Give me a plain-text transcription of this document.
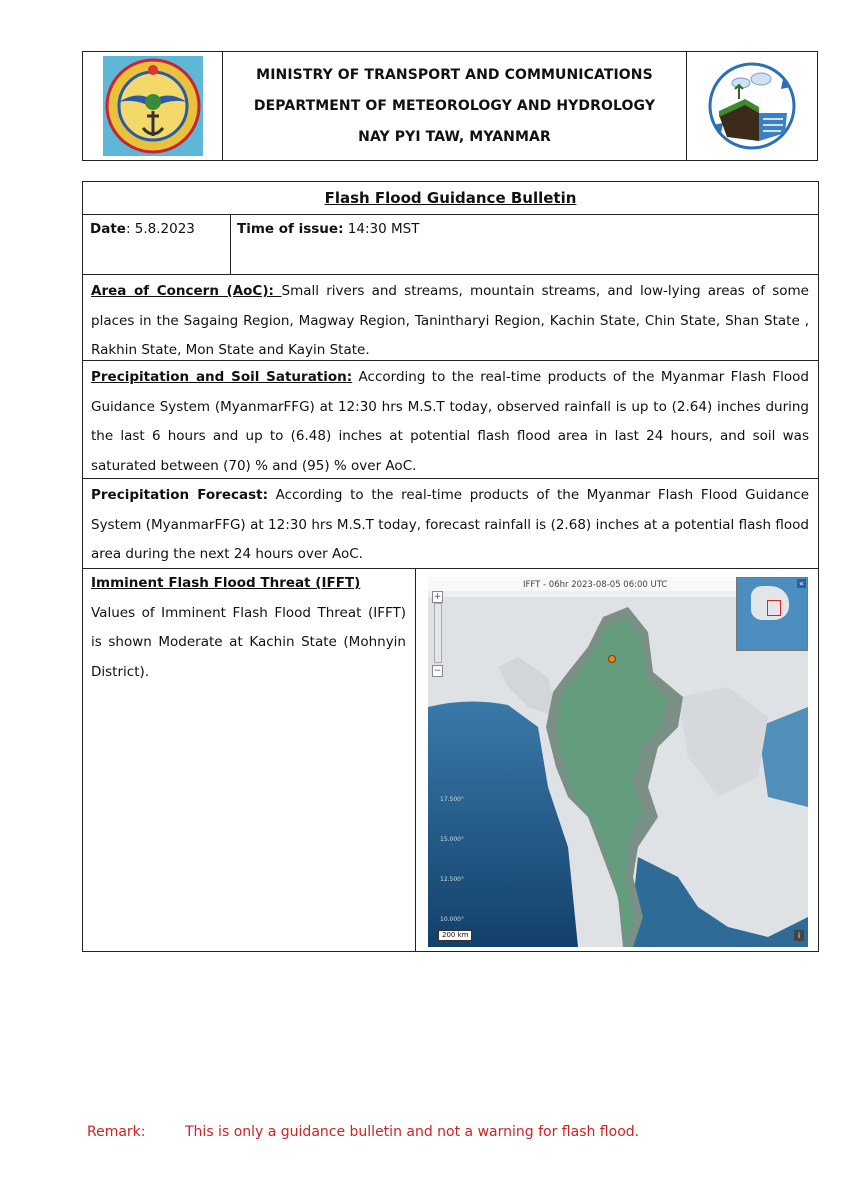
MINISTRY OF TRANSPORT AND COMMUNICATIONS
DEPARTMENT OF METEOROLOGY AND HYDROLOGY
NAY PYI TAW, MYANMAR
Flash Flood Guidance Bulletin
Date: 5.8.2023	Time of issue: 14:30 MST
Area of Concern (AoC): Small rivers and streams, mountain streams, and low-lying areas of some places in the Sagaing Region, Magway Region, Tanintharyi Region, Kachin State, Chin State, Shan State , Rakhin State, Mon State and Kayin State.
Precipitation and Soil Saturation: According to the real-time products of the Myanmar Flash Flood Guidance System (MyanmarFFG) at 12:30 hrs M.S.T today, observed rainfall is up to (2.64) inches during the last 6 hours and up to (6.48) inches at potential flash flood area in last 24 hours, and soil was saturated between (70) % and (95) % over AoC.
Precipitation Forecast: According to the real-time products of the Myanmar Flash Flood Guidance System (MyanmarFFG) at 12:30 hrs M.S.T today, forecast rainfall is (2.68) inches at a potential flash flood area during the next 24 hours over AoC.
Imminent Flash Flood Threat (IFFT)
Values of Imminent Flash Flood Threat (IFFT) is shown Moderate at Kachin State (Mohnyin District).
IFFT - 06hr 2023-08-05 06:00 UTC
17.500°
15.000°
12.500°
10.000°
+
−
«
200 km	i
Remark:	This is only a guidance bulletin and not a warning for flash flood.
